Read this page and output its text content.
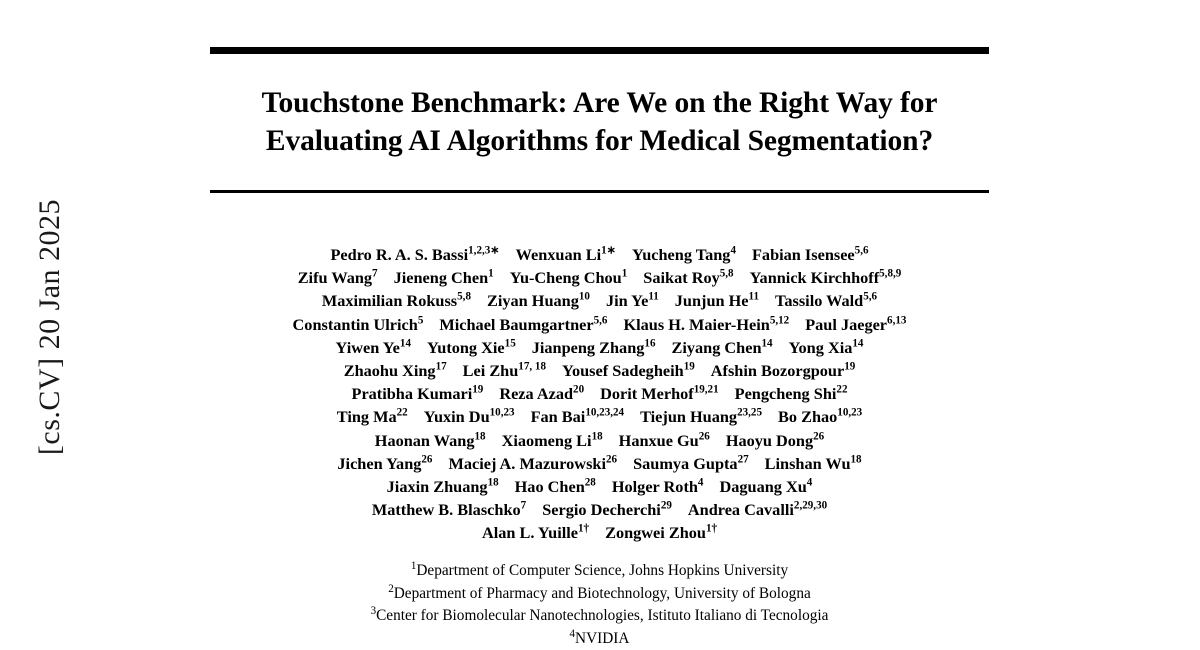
[cs.CV] 20 Jan 2025
Touchstone Benchmark: Are We on the Right Way for Evaluating AI Algorithms for Medical Segmentation?
Pedro R. A. S. Bassi$^{1,2,3∗}$ Wenxuan $Li^{1∗}$ Yucheng Tang$^4$ Fabian Isensee$^{5,6}$
Zifu Wang$^7$ Jieneng Chen$^1$ Yu-Cheng Chou$^1$ Saikat Roy$^{5,8}$ Yannick Kirchhoff$^{5,8,9}$
Maximilian Rokuss$^{5,8}$ Ziyan Huang$^{10}$ Jin Ye$^{11}$ Junjun He$^{11}$ Tassilo Wald$^{5,6}$
Constantin Ulrich$^5$ Michael Baumgartner$^{5,6}$ Klaus H. Maier-Hein$^{5,12}$ Paul Jaeger$^{6,13}$
Yiwen Ye$^{14}$ Yutong Xie$^{15}$ Jianpeng Zhang$^{16}$ Ziyang Chen$^{14}$ Yong Xia$^{14}$
Zhaohu Xing$^{17}$ Lei Zhu$^{17, 18}$ Yousef Sadegheih$^{19}$ Afshin Bozorgpour$^{19}$
Pratibha Kumari$^{19}$ Reza Azad$^{20}$ Dorit Merhof$^{19,21}$ Pengcheng Shi$^{22}$
Ting Ma$^{22}$ Yuxin Du$^{10,23}$ Fan Bai$^{10,23,24}$ Tiejun Huang$^{23,25}$ Bo Zhao$^{10,23}$
Haonan Wang$^{18}$ Xiaomeng Li$^{18}$ Hanxue Gu$^{26}$ Haoyu Dong$^{26}$
Jichen Yang$^{26}$ Maciej A. Mazurowski$^{26}$ Saumya Gupta$^{27}$ Linshan Wu$^{18}$
Jiaxin Zhuang$^{18}$ Hao Chen$^{28}$ Holger Roth$^4$ Daguang Xu$^4$
Matthew B. Blaschko$^7$ Sergio Decherchi$^{29}$ Andrea Cavalli$^{2,29,30}$
Alan L. Yuille$^{1\dagger}$ Zongwei Zhou$^{1\dagger}$
$^1$Department of Computer Science, Johns Hopkins University
$^2$Department of Pharmacy and Biotechnology, University of Bologna
$^3$Center for Biomolecular Nanotechnologies, Istituto Italiano di Tecnologia
$^4$NVIDIA
